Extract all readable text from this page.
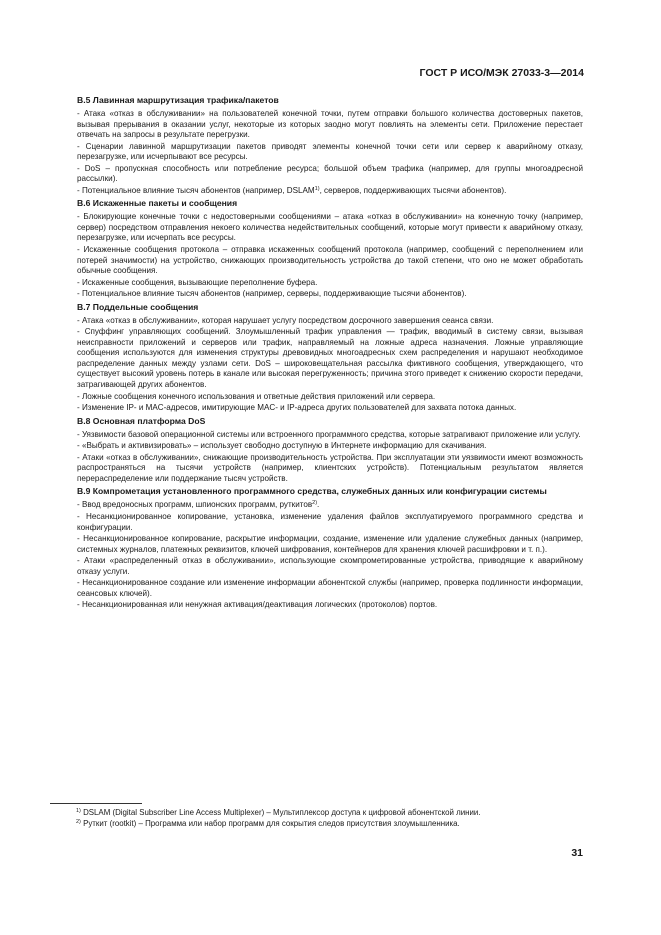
ГОСТ Р ИСО/МЭК 27033-3—2014
В.5 Лавинная маршрутизация трафика/пакетов

- Атака «отказ в обслуживании» на пользователей конечной точки, путем отправки большого количества достоверных пакетов, вызывая прерывания в оказании услуг, некоторые из которых заодно могут повлиять на элементы сети. Приложение перестает отвечать на запросы в результате перегрузки.

- Сценарии лавинной маршрутизации пакетов приводят элементы конечной точки сети или сервер к аварийному отказу, перезагрузке, или исчерпывают все ресурсы.

- DoS – пропускная способность или потребление ресурса; большой объем трафика (например, для группы многоадресной рассылки).

- Потенциальное влияние тысяч абонентов (например, DSLAM$^{1)}$, серверов, поддерживающих тысячи абонентов).

В.6 Искаженные пакеты и сообщения

- Блокирующие конечные точки с недостоверными сообщениями – атака «отказ в обслуживании» на конечную точку (например, сервер) посредством отправления некоего количества недействительных сообщений, которые могут привести к аварийному отказу, перезагрузке, или исчерпать все ресурсы.

- Искаженные сообщения протокола – отправка искаженных сообщений протокола (например, сообщений с переполнением или потерей значимости) на устройство, снижающих производительность устройства до такой степени, что оно не может обработать обычные сообщения.

- Искаженные сообщения, вызывающие переполнение буфера.

- Потенциальное влияние тысяч абонентов (например, серверы, поддерживающие тысячи абонентов).

В.7 Поддельные сообщения

- Атака «отказ в обслуживании», которая нарушает услугу посредством досрочного завершения сеанса связи.

- Спуффинг управляющих сообщений. Злоумышленный трафик управления — трафик, вводимый в систему связи, вызывая неисправности приложений и серверов или трафик, направляемый на ложные адреса назначения. Ложные управляющие сообщения используются для изменения структуры древовидных многоадресных схем распределения и нарушают необходимое распределение данных между узлами сети. DoS – широковещательная рассылка фиктивного сообщения, утверждающего, что существует высокий уровень потерь в канале или высокая перегруженность; причина этого приведет к снижению скорости передачи, затрагивающей других абонентов.

- Ложные сообщения конечного использования и ответные действия приложений или сервера.

- Изменение IP- и MAC-адресов, имитирующие MAC- и IP-адреса других пользователей для захвата потока данных.

В.8 Основная платформа DoS

- Уязвимости базовой операционной системы или встроенного программного средства, которые затрагивают приложение или услугу.

- «Выбрать и активизировать» – использует свободно доступную в Интернете информацию для скачивания.

- Атаки «отказ в обслуживании», снижающие производительность устройства. При эксплуатации эти уязвимости имеют возможность распространяться на тысячи устройств (например, клиентских устройств). Потенциальным результатом является перераспределение или поддержание тысяч устройств.

В.9 Компрометация установленного программного средства, служебных данных или конфигурации системы

- Ввод вредоносных программ, шпионских программ, руткитов$^{2)}$.

- Несанкционированное копирование, установка, изменение удаления файлов эксплуатируемого программного средства и конфигурации.

- Несанкционированное копирование, раскрытие информации, создание, изменение или удаление служебных данных (например, системных журналов, платежных реквизитов, ключей шифрования, контейнеров для хранения ключей расшифровки и т. п.).

- Атаки «распределенный отказ в обслуживании», использующие скомпрометированные устройства, приводящие к аварийному отказу услуги.

- Несанкционированное создание или изменение информации абонентской службы (например, проверка подлинности информации, сеансовых ключей).

- Несанкционированная или ненужная активация/деактивация логических (протоколов) портов.

$^{1)}$ DSLAM (Digital Subscriber Line Access Multiplexer) – Мультиплексор доступа к цифровой абонентской линии.

$^{2)}$ Руткит (rootkit) – Программа или набор программ для сокрытия следов присутствия злоумышленника.

31
